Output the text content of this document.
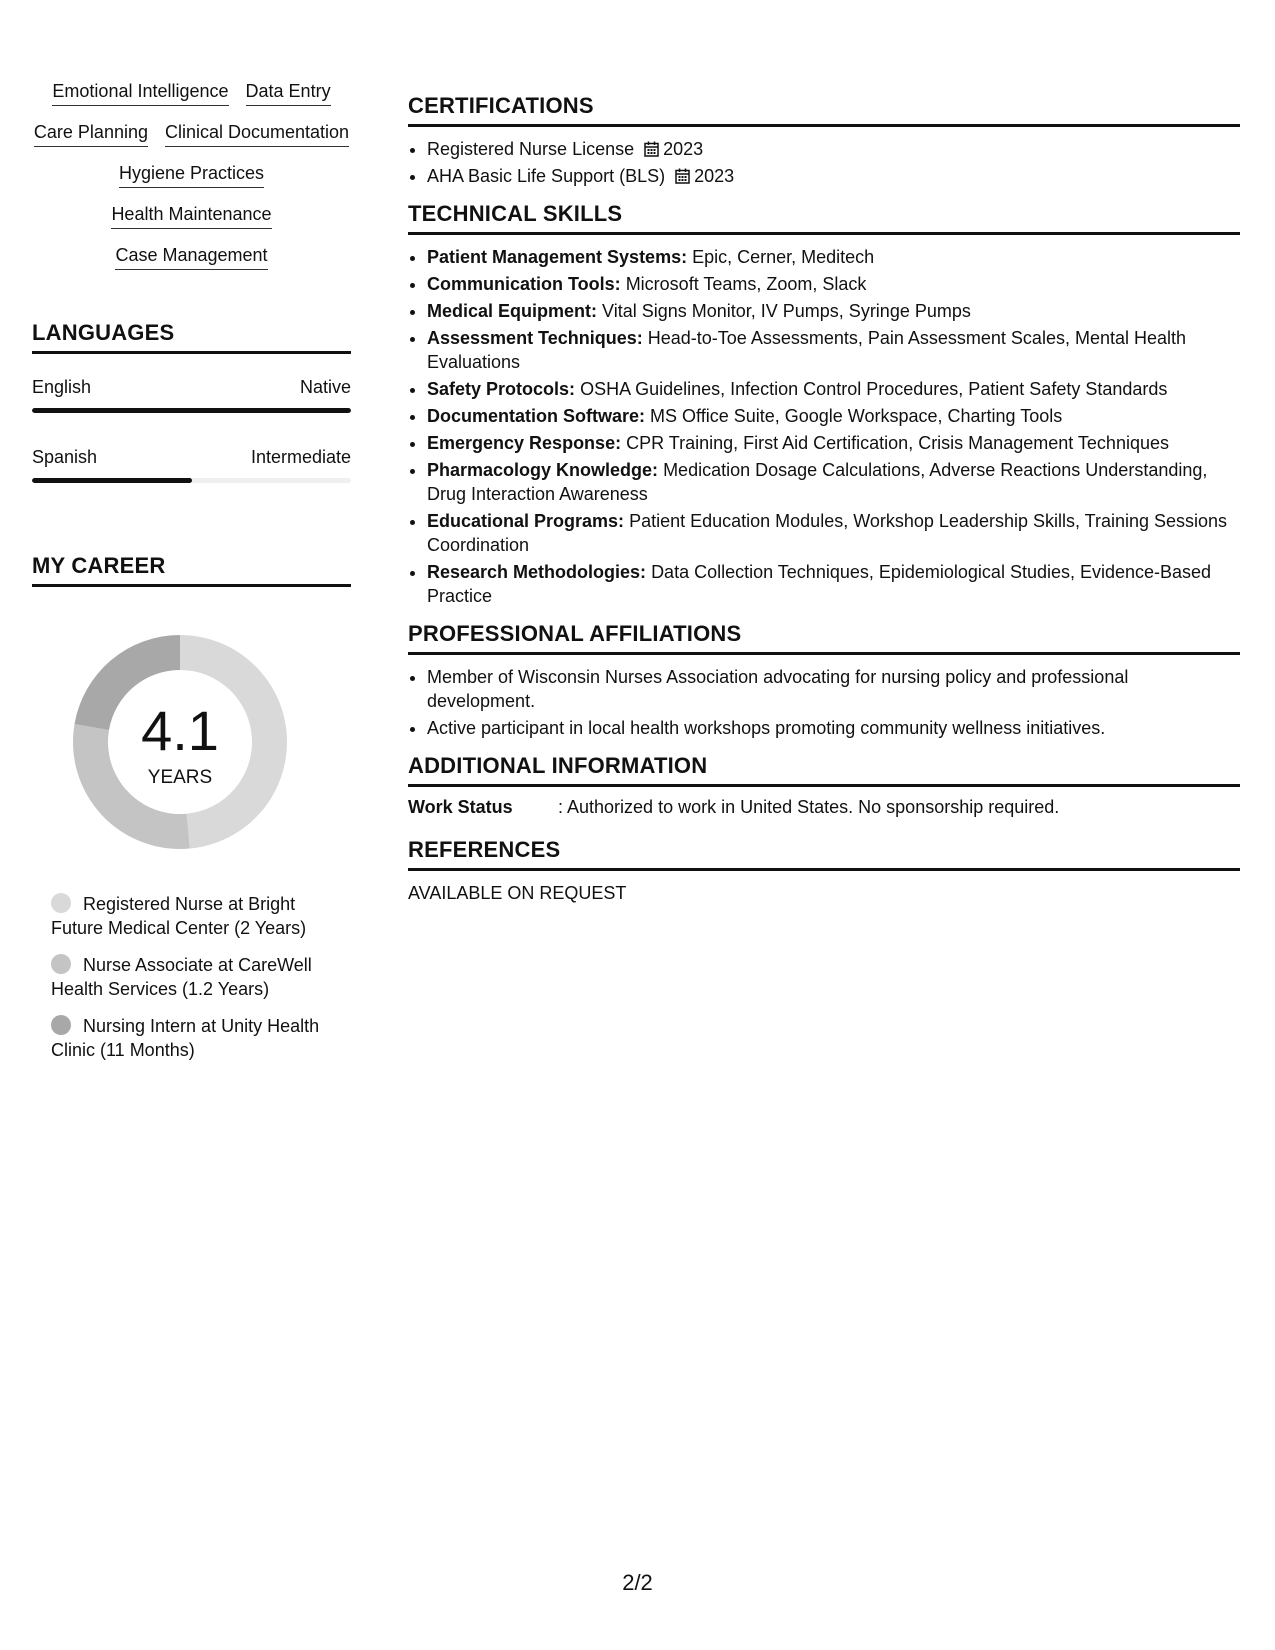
Emotional Intelligence Data Entry
Care Planning Clinical Documentation
Hygiene Practices
Health Maintenance
Case Management
LANGUAGES
English	Native
Spanish	Intermediate
MY CAREER
4.1
YEARS
Registered Nurse at Bright Future Medical Center (2 Years)
Nurse Associate at CareWell Health Services (1.2 Years)
Nursing Intern at Unity Health Clinic (11 Months)
CERTIFICATIONS
• Registered Nurse License 2023
• AHA Basic Life Support (BLS) 2023
TECHNICAL SKILLS
• Patient Management Systems: Epic, Cerner, Meditech
• Communication Tools: Microsoft Teams, Zoom, Slack
• Medical Equipment: Vital Signs Monitor, IV Pumps, Syringe Pumps
• Assessment Techniques: Head-to-Toe Assessments, Pain Assessment Scales, Mental Health Evaluations
• Safety Protocols: OSHA Guidelines, Infection Control Procedures, Patient Safety Standards
• Documentation Software: MS Office Suite, Google Workspace, Charting Tools
• Emergency Response: CPR Training, First Aid Certification, Crisis Management Techniques
• Pharmacology Knowledge: Medication Dosage Calculations, Adverse Reactions Understanding, Drug Interaction Awareness
• Educational Programs: Patient Education Modules, Workshop Leadership Skills, Training Sessions Coordination
• Research Methodologies: Data Collection Techniques, Epidemiological Studies, Evidence-Based Practice
PROFESSIONAL AFFILIATIONS
• Member of Wisconsin Nurses Association advocating for nursing policy and professional development.
• Active participant in local health workshops promoting community wellness initiatives.
ADDITIONAL INFORMATION
Work Status	: Authorized to work in United States. No sponsorship required.
REFERENCES
AVAILABLE ON REQUEST
2/2
